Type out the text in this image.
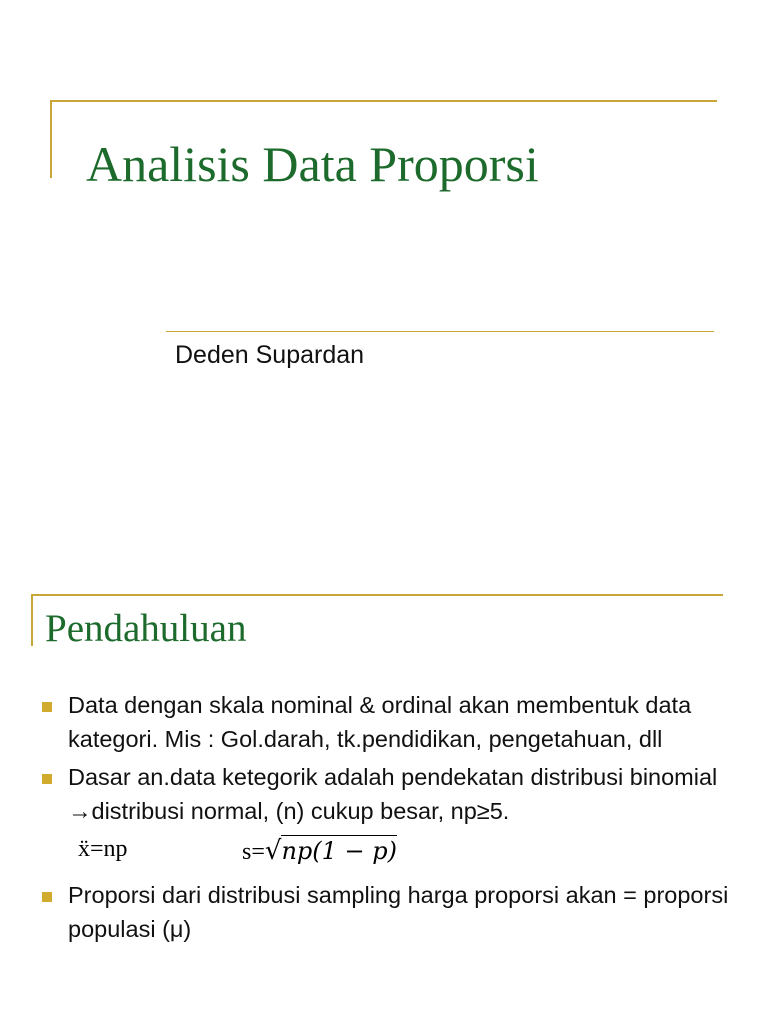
Analisis Data Proporsi
Deden Supardan
Pendahuluan
Data dengan skala nominal & ordinal akan membentuk data kategori. Mis : Gol.darah, tk.pendidikan, pengetahuan, dll
Dasar an.data ketegorik adalah pendekatan distribusi binomial →distribusi normal, (n) cukup besar, np≥5.
ẍ=np	s=√np(1 − p)
Proporsi dari distribusi sampling harga proporsi akan = proporsi populasi (μ)
